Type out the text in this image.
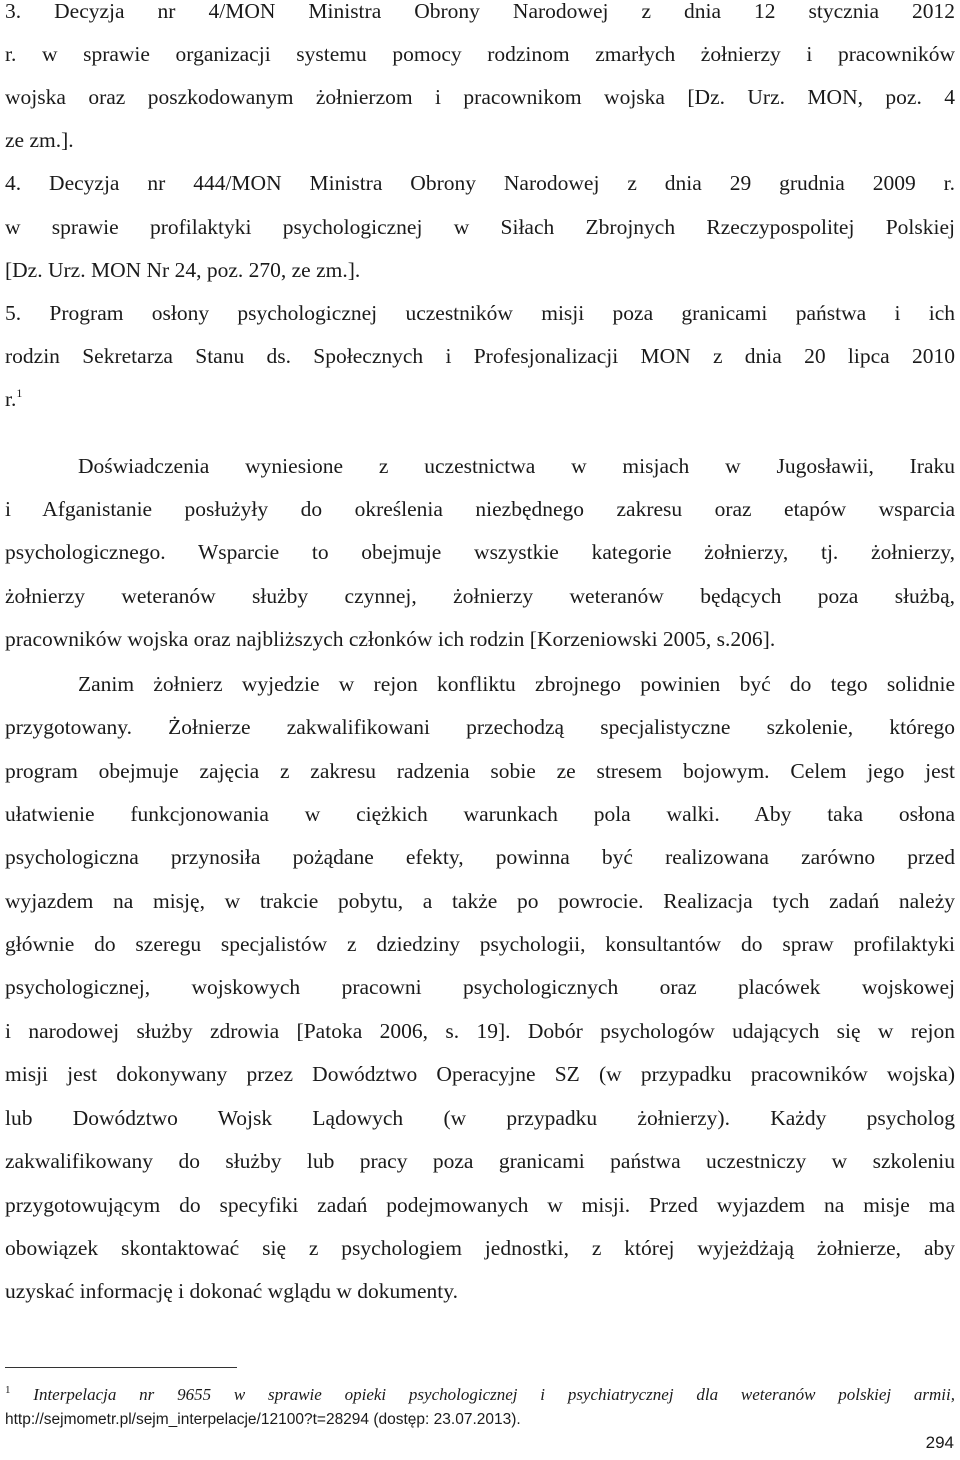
3. Decyzja nr 4/MON Ministra Obrony Narodowej z dnia 12 stycznia 2012
r. w sprawie organizacji systemu pomocy rodzinom zmarłych żołnierzy i pracowników
wojska oraz poszkodowanym żołnierzom i pracownikom wojska [Dz. Urz. MON, poz. 4
ze zm.].
4. Decyzja nr 444/MON Ministra Obrony Narodowej z dnia 29 grudnia 2009 r.
w sprawie profilaktyki psychologicznej w Siłach Zbrojnych Rzeczypospolitej Polskiej
[Dz. Urz. MON Nr 24, poz. 270, ze zm.].
5. Program osłony psychologicznej uczestników misji poza granicami państwa i ich
rodzin Sekretarza Stanu ds. Społecznych i Profesjonalizacji MON z dnia 20 lipca 2010
r.$^1$
Doświadczenia wyniesione z uczestnictwa w misjach w Jugosławii, Iraku
i Afganistanie posłużyły do określenia niezbędnego zakresu oraz etapów wsparcia
psychologicznego. Wsparcie to obejmuje wszystkie kategorie żołnierzy, tj. żołnierzy,
żołnierzy weteranów służby czynnej, żołnierzy weteranów będących poza służbą,
pracowników wojska oraz najbliższych członków ich rodzin [Korzeniowski 2005, s.206].
Zanim żołnierz wyjedzie w rejon konfliktu zbrojnego powinien być do tego solidnie
przygotowany. Żołnierze zakwalifikowani przechodzą specjalistyczne szkolenie, którego
program obejmuje zajęcia z zakresu radzenia sobie ze stresem bojowym. Celem jego jest
ułatwienie funkcjonowania w ciężkich warunkach pola walki. Aby taka osłona
psychologiczna przynosiła pożądane efekty, powinna być realizowana zarówno przed
wyjazdem na misję, w trakcie pobytu, a także po powrocie. Realizacja tych zadań należy
głównie do szeregu specjalistów z dziedziny psychologii, konsultantów do spraw profilaktyki
psychologicznej, wojskowych pracowni psychologicznych oraz placówek wojskowej
i narodowej służby zdrowia [Patoka 2006, s. 19]. Dobór psychologów udających się w rejon
misji jest dokonywany przez Dowództwo Operacyjne SZ (w przypadku pracowników wojska)
lub Dowództwo Wojsk Lądowych (w przypadku żołnierzy). Każdy psycholog
zakwalifikowany do służby lub pracy poza granicami państwa uczestniczy w szkoleniu
przygotowującym do specyfiki zadań podejmowanych w misji. Przed wyjazdem na misje ma
obowiązek skontaktować się z psychologiem jednostki, z której wyjeżdżają żołnierze, aby
uzyskać informację i dokonać wglądu w dokumenty.
$^1$ Interpelacja nr 9655 w sprawie opieki psychologicznej i psychiatrycznej dla weteranów polskiej armii,
http://sejmometr.pl/sejm_interpelacje/12100?t=28294 (dostęp: 23.07.2013).
294
